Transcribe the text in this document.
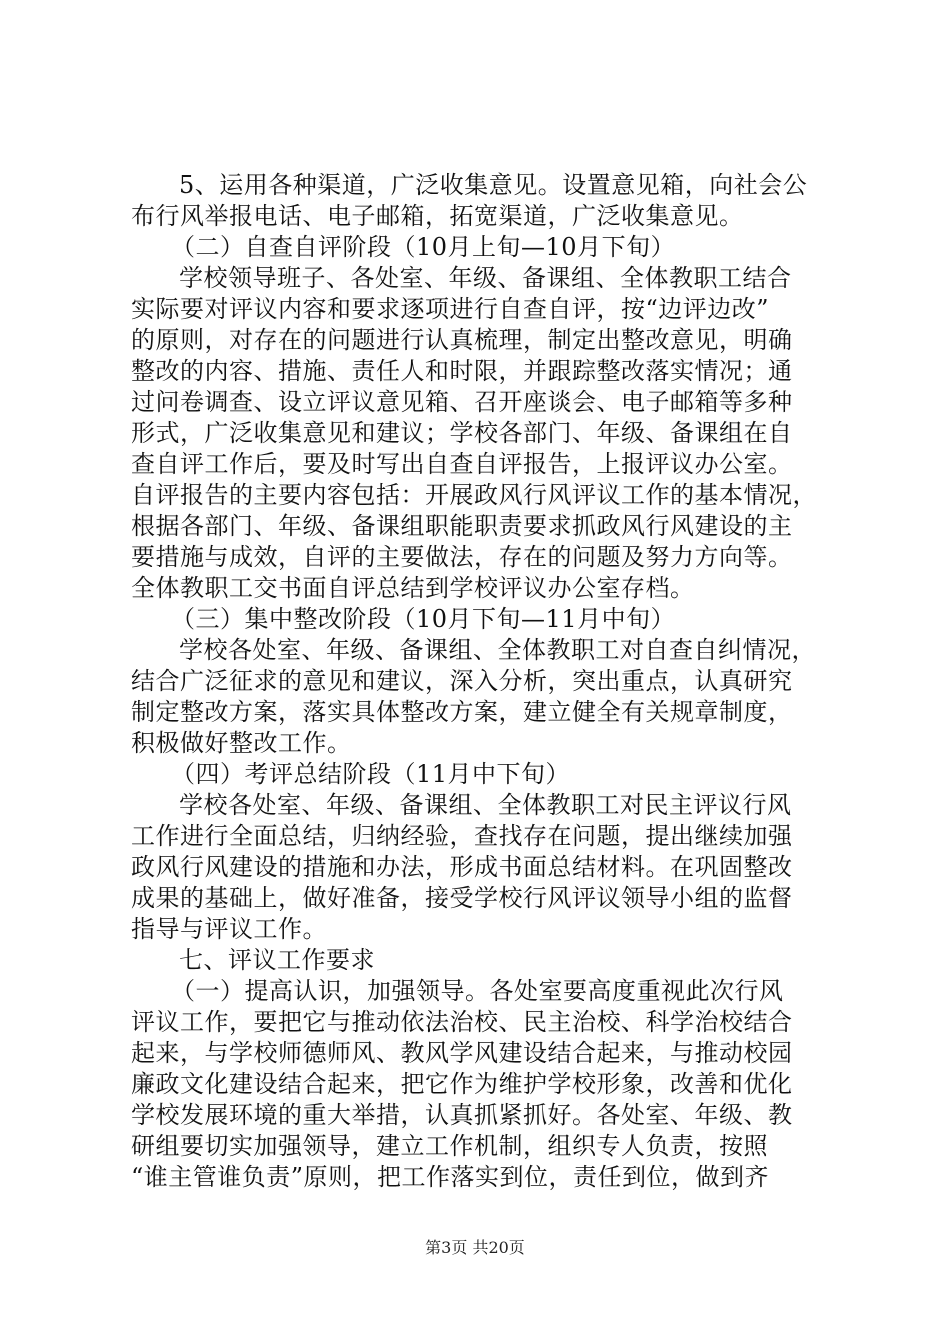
5、运用各种渠道，广泛收集意见。设置意见箱，向社会公
布行风举报电话、电子邮箱，拓宽渠道，广泛收集意见。
（二）自查自评阶段（10月上旬—10月下旬）
学校领导班子、各处室、年级、备课组、全体教职工结合
实际要对评议内容和要求逐项进行自查自评，按“边评边改”
的原则，对存在的问题进行认真梳理，制定出整改意见，明确
整改的内容、措施、责任人和时限，并跟踪整改落实情况；通
过问卷调查、设立评议意见箱、召开座谈会、电子邮箱等多种
形式，广泛收集意见和建议；学校各部门、年级、备课组在自
查自评工作后，要及时写出自查自评报告，上报评议办公室。
自评报告的主要内容包括：开展政风行风评议工作的基本情况，
根据各部门、年级、备课组职能职责要求抓政风行风建设的主
要措施与成效，自评的主要做法，存在的问题及努力方向等。
全体教职工交书面自评总结到学校评议办公室存档。
（三）集中整改阶段（10月下旬—11月中旬）
学校各处室、年级、备课组、全体教职工对自查自纠情况，
结合广泛征求的意见和建议，深入分析，突出重点，认真研究
制定整改方案，落实具体整改方案，建立健全有关规章制度，
积极做好整改工作。
（四）考评总结阶段（11月中下旬）
学校各处室、年级、备课组、全体教职工对民主评议行风
工作进行全面总结，归纳经验，查找存在问题，提出继续加强
政风行风建设的措施和办法，形成书面总结材料。在巩固整改
成果的基础上，做好准备，接受学校行风评议领导小组的监督
指导与评议工作。
七、评议工作要求
（一）提高认识，加强领导。各处室要高度重视此次行风
评议工作，要把它与推动依法治校、民主治校、科学治校结合
起来，与学校师德师风、教风学风建设结合起来，与推动校园
廉政文化建设结合起来，把它作为维护学校形象，改善和优化
学校发展环境的重大举措，认真抓紧抓好。各处室、年级、教
研组要切实加强领导，建立工作机制，组织专人负责，按照
“谁主管谁负责”原则，把工作落实到位，责任到位，做到齐
第3页 共20页
